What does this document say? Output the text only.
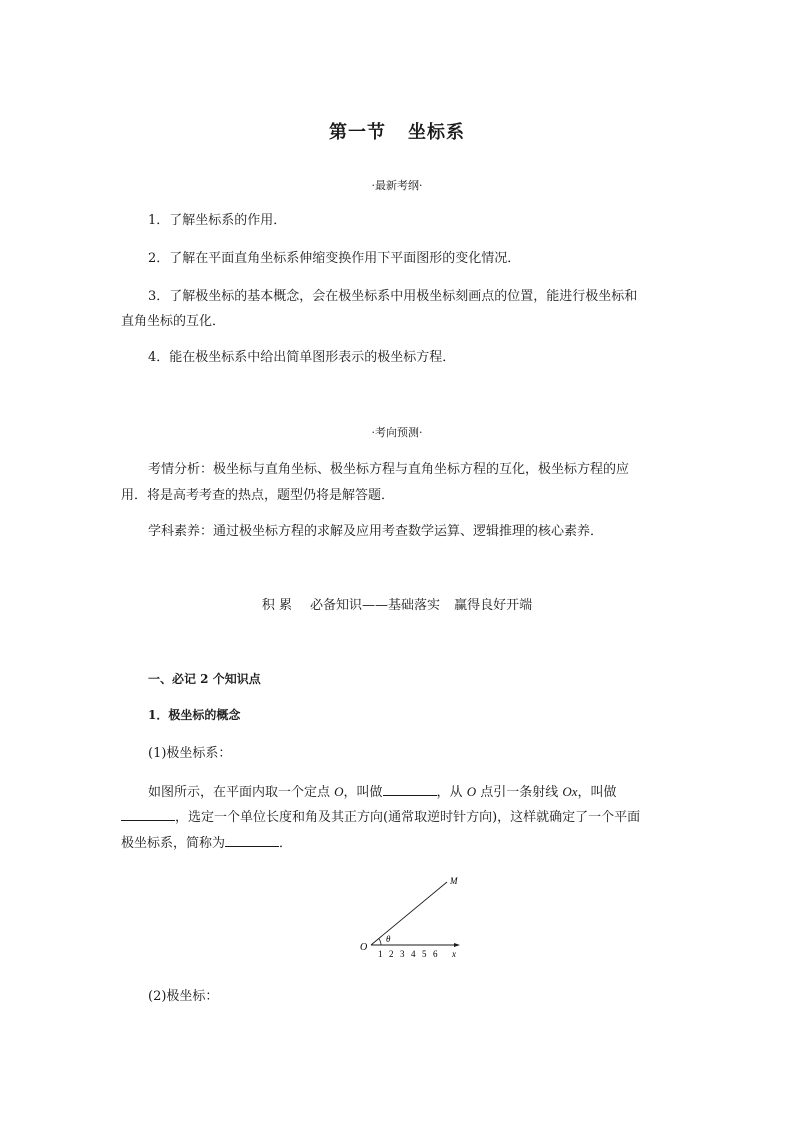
第一节 坐标系
·最新考纲·
1．了解坐标系的作用．
2．了解在平面直角坐标系伸缩变换作用下平面图形的变化情况．
3．了解极坐标的基本概念，会在极坐标系中用极坐标刻画点的位置，能进行极坐标和
直角坐标的互化．
4．能在极坐标系中给出简单图形表示的极坐标方程．
·考向预测·
考情分析：极坐标与直角坐标、极坐标方程与直角坐标方程的互化，极坐标方程的应
用．将是高考考查的热点，题型仍将是解答题．
学科素养：通过极坐标方程的求解及应用考查数学运算、逻辑推理的核心素养．
积 累 必备知识——基础落实 赢得良好开端
一、必记 2 个知识点
1．极坐标的概念
(1)极坐标系：
如图所示，在平面内取一个定点 O，叫做	，从 O 点引一条射线 Ox，叫做
，选定一个单位长度和角及其正方向(通常取逆时针方向)，这样就确定了一个平面
极坐标系，简称为	．
O
M
θ
x
1 2 3 4 5 6
(2)极坐标：
